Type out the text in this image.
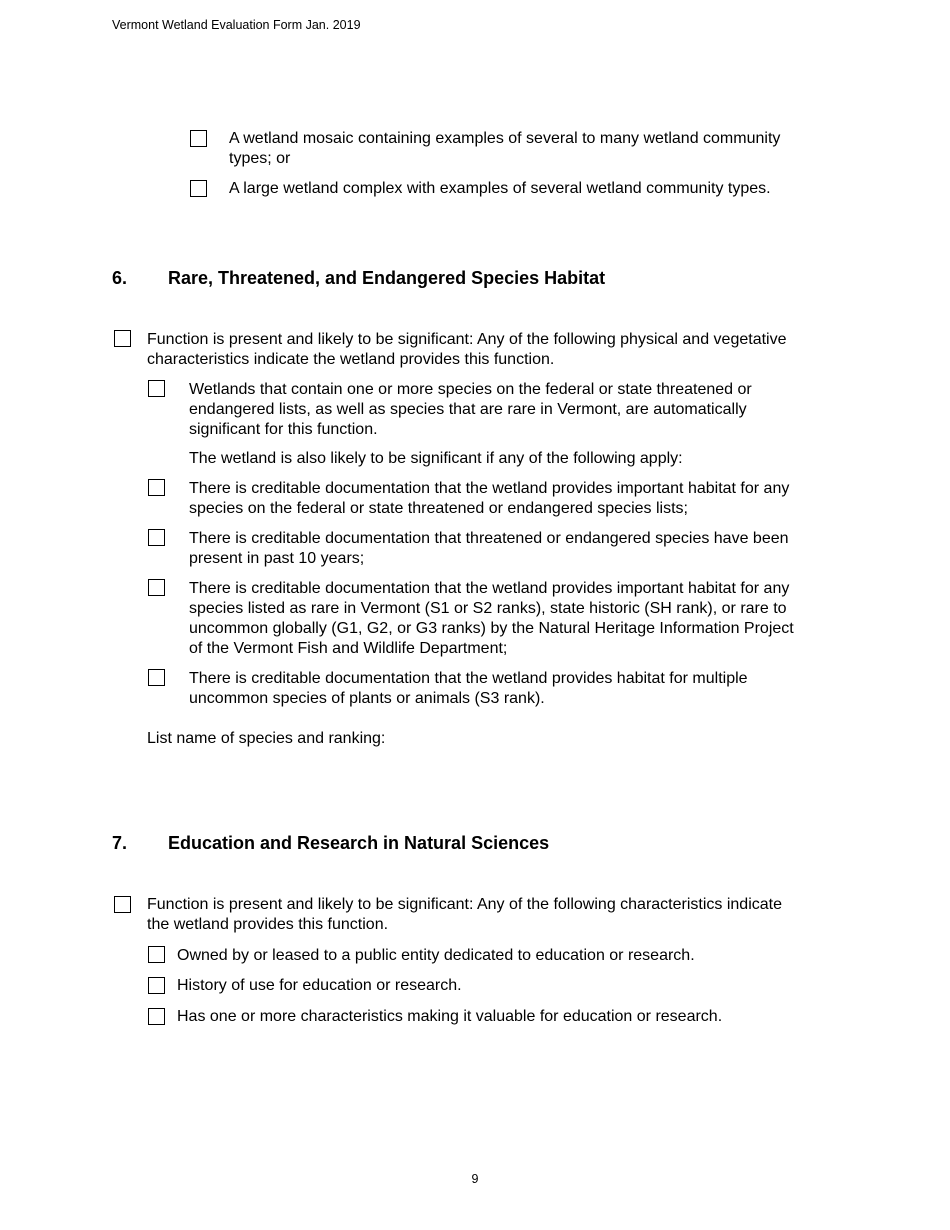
Vermont Wetland Evaluation Form Jan. 2019
A wetland mosaic containing examples of several to many wetland community
types; or
A large wetland complex with examples of several wetland community types.
6. Rare, Threatened, and Endangered Species Habitat
Function is present and likely to be significant: Any of the following physical and vegetative
characteristics indicate the wetland provides this function.
Wetlands that contain one or more species on the federal or state threatened or
endangered lists, as well as species that are rare in Vermont, are automatically
significant for this function.
The wetland is also likely to be significant if any of the following apply:
There is creditable documentation that the wetland provides important habitat for any
species on the federal or state threatened or endangered species lists;
There is creditable documentation that threatened or endangered species have been
present in past 10 years;
There is creditable documentation that the wetland provides important habitat for any
species listed as rare in Vermont (S1 or S2 ranks), state historic (SH rank), or rare to
uncommon globally (G1, G2, or G3 ranks) by the Natural Heritage Information Project
of the Vermont Fish and Wildlife Department;
There is creditable documentation that the wetland provides habitat for multiple
uncommon species of plants or animals (S3 rank).
List name of species and ranking:
7. Education and Research in Natural Sciences
Function is present and likely to be significant: Any of the following characteristics indicate
the wetland provides this function.
Owned by or leased to a public entity dedicated to education or research.
History of use for education or research.
Has one or more characteristics making it valuable for education or research.
9
